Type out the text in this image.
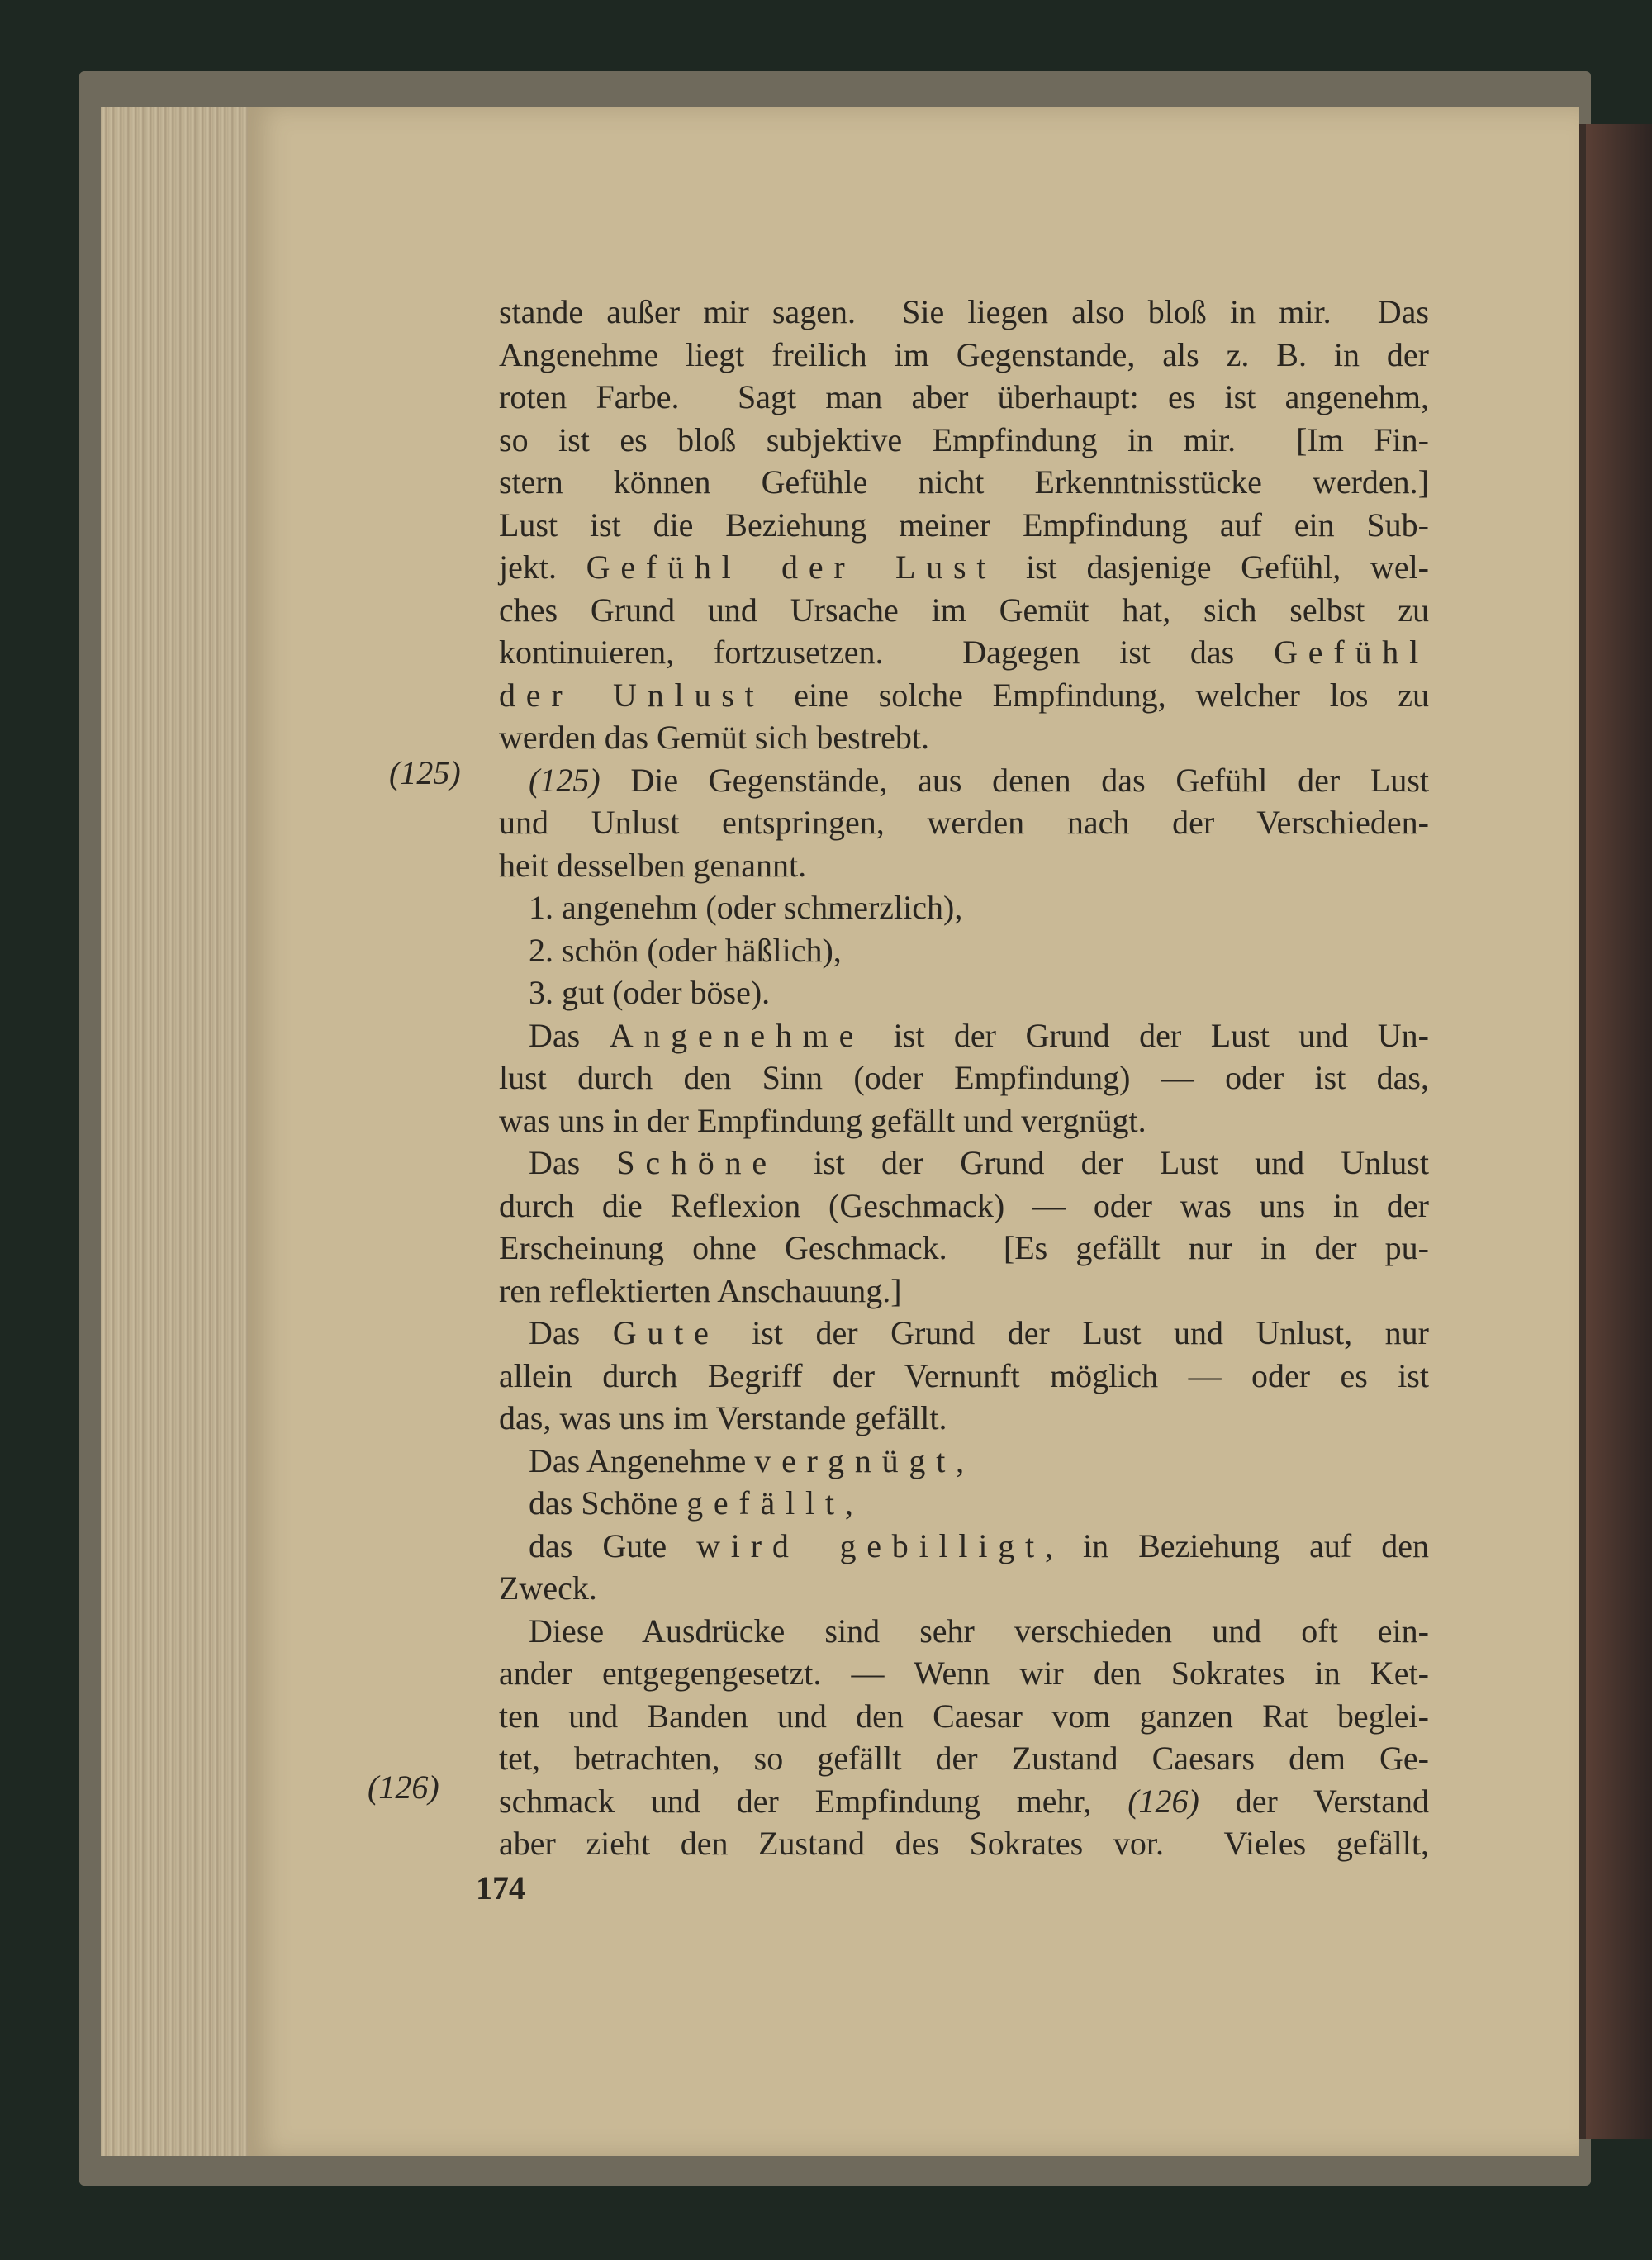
(125)
(126)
stande außer mir sagen.  Sie liegen also bloß in mir.  Das
Angenehme liegt freilich im Gegenstande, als z. B. in der
roten Farbe.  Sagt man aber überhaupt: es ist angenehm,
so ist es bloß subjektive Empfindung in mir.  [Im Fin-
stern können Gefühle nicht Erkenntnisstücke werden.]
Lust ist die Beziehung meiner Empfindung auf ein Sub-
jekt. Gefühl der Lust ist dasjenige Gefühl, wel-
ches Grund und Ursache im Gemüt hat, sich selbst zu
kontinuieren, fortzusetzen.  Dagegen ist das Gefühl
der Unlust eine solche Empfindung, welcher los zu
werden das Gemüt sich bestrebt.
(125) Die Gegenstände, aus denen das Gefühl der Lust
und Unlust entspringen, werden nach der Verschieden-
heit desselben genannt.
1. angenehm (oder schmerzlich),
2. schön (oder häßlich),
3. gut (oder böse).
Das Angenehme ist der Grund der Lust und Un-
lust durch den Sinn (oder Empfindung) — oder ist das,
was uns in der Empfindung gefällt und vergnügt.
Das Schöne ist der Grund der Lust und Unlust
durch die Reflexion (Geschmack) — oder was uns in der
Erscheinung ohne Geschmack.  [Es gefällt nur in der pu-
ren reflektierten Anschauung.]
Das Gute ist der Grund der Lust und Unlust, nur
allein durch Begriff der Vernunft möglich — oder es ist
das, was uns im Verstande gefällt.
Das Angenehme vergnügt,
das Schöne gefällt,
das Gute wird gebilligt, in Beziehung auf den
Zweck.
Diese Ausdrücke sind sehr verschieden und oft ein-
ander entgegengesetzt. — Wenn wir den Sokrates in Ket-
ten und Banden und den Caesar vom ganzen Rat beglei-
tet, betrachten, so gefällt der Zustand Caesars dem Ge-
schmack und der Empfindung mehr, (126) der Verstand
aber zieht den Zustand des Sokrates vor.  Vieles gefällt,
174
